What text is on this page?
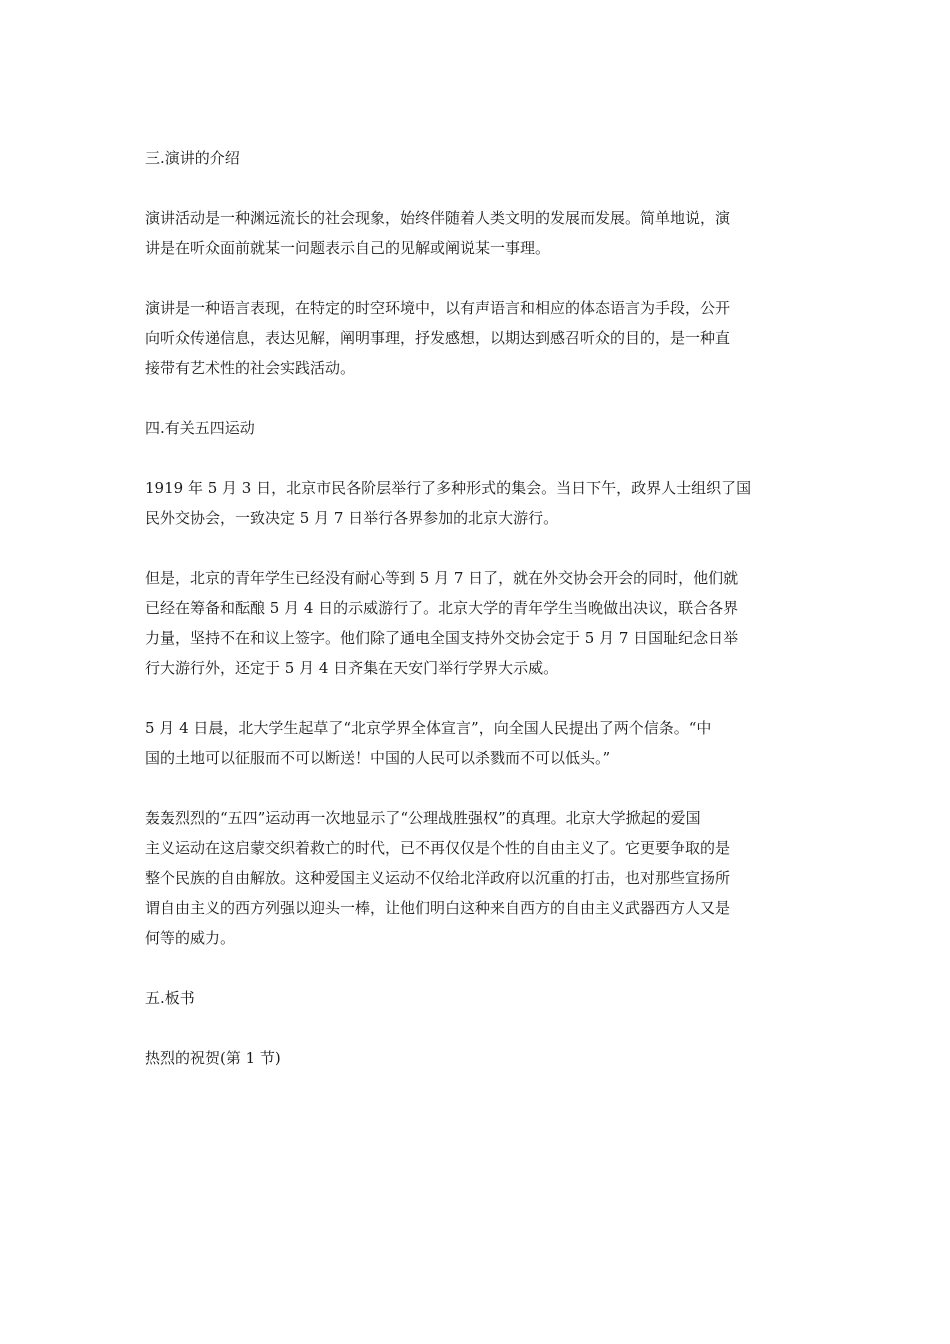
三.演讲的介绍

演讲活动是一种渊远流长的社会现象，始终伴随着人类文明的发展而发展。简单地说，演
讲是在听众面前就某一问题表示自己的见解或阐说某一事理。

演讲是一种语言表现，在特定的时空环境中，以有声语言和相应的体态语言为手段，公开
向听众传递信息，表达见解，阐明事理，抒发感想，以期达到感召听众的目的，是一种直
接带有艺术性的社会实践活动。

四.有关五四运动

1919 年 5 月 3 日，北京市民各阶层举行了多种形式的集会。当日下午，政界人士组织了国
民外交协会，一致决定 5 月 7 日举行各界参加的北京大游行。

但是，北京的青年学生已经没有耐心等到 5 月 7 日了，就在外交协会开会的同时，他们就
已经在筹备和酝酿 5 月 4 日的示威游行了。北京大学的青年学生当晚做出决议，联合各界
力量，坚持不在和议上签字。他们除了通电全国支持外交协会定于 5 月 7 日国耻纪念日举
行大游行外，还定于 5 月 4 日齐集在天安门举行学界大示威。

5 月 4 日晨，北大学生起草了“北京学界全体宣言”，向全国人民提出了两个信条。“中
国的土地可以征服而不可以断送！中国的人民可以杀戮而不可以低头。”

轰轰烈烈的“五四”运动再一次地显示了“公理战胜强权”的真理。北京大学掀起的爱国
主义运动在这启蒙交织着救亡的时代，已不再仅仅是个性的自由主义了。它更要争取的是
整个民族的自由解放。这种爱国主义运动不仅给北洋政府以沉重的打击，也对那些宣扬所
谓自由主义的西方列强以迎头一棒，让他们明白这种来自西方的自由主义武器西方人又是
何等的威力。

五.板书

热烈的祝贺(第 1 节)
